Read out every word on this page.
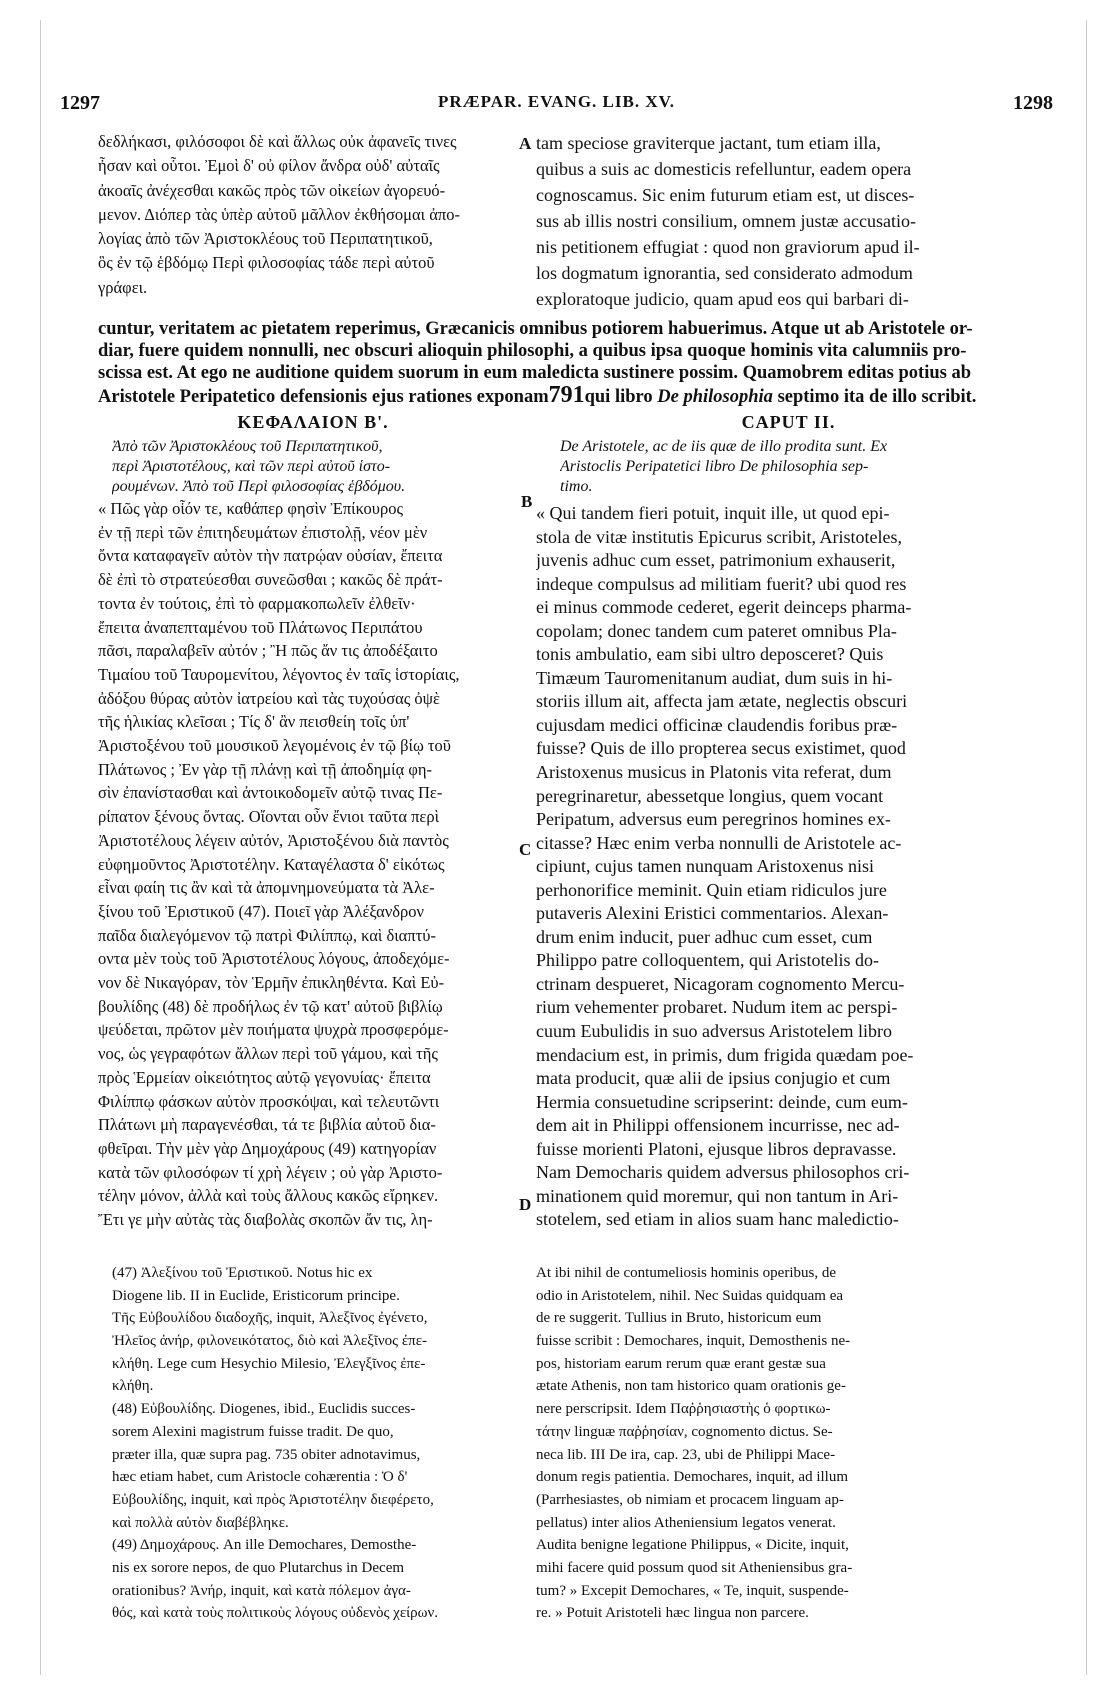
1297	PRÆPAR. EVANG. LIB. XV.	1298
δεδλήκασι, φιλόσοφοι δὲ καὶ ἄλλως οὐκ ἀφανεῖς τινες
ἦσαν καὶ οὗτοι. Ἐμοὶ δ' οὐ φίλον ἄνδρα οὐδ' αὐταῖς
ἀκοαῖς ἀνέχεσθαι κακῶς πρὸς τῶν οἰκείων ἀγορευό-
μενον. Διόπερ τὰς ὑπὲρ αὐτοῦ μᾶλλον ἐκθήσομαι ἀπο-
λογίας ἀπὸ τῶν Ἀριστοκλέους τοῦ Περιπατητικοῦ,
ὃς ἐν τῷ ἑβδόμῳ Περὶ φιλοσοφίας τάδε περὶ αὐτοῦ
γράφει.
tam speciose graviterque jactant, tum etiam illa,
quibus a suis ac domesticis refelluntur, eadem opera
cognoscamus. Sic enim futurum etiam est, ut disces-
sus ab illis nostri consilium, omnem justæ accusatio-
nis petitionem effugiat : quod non graviorum apud il-
los dogmatum ignorantia, sed considerato admodum
exploratoque judicio, quam apud eos qui barbari di-
A
cuntur, veritatem ac pietatem reperimus, Græcanicis omnibus potiorem habuerimus. Atque ut ab Aristotele or-
diar, fuere quidem nonnulli, nec obscuri alioquin philosophi, a quibus ipsa quoque hominis vita calumniis pro-
scissa est. At ego ne auditione quidem suorum in eum maledicta sustinere possim. Quamobrem editas potius ab
Aristotele Peripatetico defensionis ejus rationes exponam791qui libro De philosophia septimo ita de illo scribit.
ΚΕΦΑΛΑΙΟΝ Β'.	CAPUT II.
Ἀπὸ τῶν Ἀριστοκλέους τοῦ Περιπατητικοῦ,
περὶ Ἀριστοτέλους, καὶ τῶν περὶ αὐτοῦ ἱστο-
ρουμένων. Ἀπὸ τοῦ Περὶ φιλοσοφίας ἑβδόμου.
De Aristotele, ac de iis quæ de illo prodita sunt. Ex
Aristoclis Peripatetici libro De philosophia sep-
timo.
B
« Πῶς γὰρ οἷόν τε, καθάπερ φησὶν Ἐπίκουρος
ἐν τῇ περὶ τῶν ἐπιτηδευμάτων ἐπιστολῇ, νέον μὲν
ὄντα καταφαγεῖν αὐτὸν τὴν πατρῴαν οὐσίαν, ἔπειτα
δὲ ἐπὶ τὸ στρατεύεσθαι συνεῶσθαι ; κακῶς δὲ πράτ-
τοντα ἐν τούτοις, ἐπὶ τὸ φαρμακοπωλεῖν ἐλθεῖν·
ἔπειτα ἀναπεπταμένου τοῦ Πλάτωνος Περιπάτου
πᾶσι, παραλαβεῖν αὐτόν ; Ἢ πῶς ἄν τις ἀποδέξαιτο
Τιμαίου τοῦ Ταυρομενίτου, λέγοντος ἐν ταῖς ἱστορίαις,
ἀδόξου θύρας αὐτὸν ἰατρείου καὶ τὰς τυχούσας ὀψὲ
τῆς ἡλικίας κλεῖσαι ; Τίς δ' ἂν πεισθείη τοῖς ὑπ'
Ἀριστοξένου τοῦ μουσικοῦ λεγομένοις ἐν τῷ βίῳ τοῦ
Πλάτωνος ; Ἐν γὰρ τῇ πλάνῃ καὶ τῇ ἀποδημίᾳ φη-
σὶν ἐπανίστασθαι καὶ ἀντοικοδομεῖν αὐτῷ τινας Πε-
ρίπατον ξένους ὄντας. Οἴονται οὖν ἔνιοι ταῦτα περὶ
Ἀριστοτέλους λέγειν αὐτόν, Ἀριστοξένου διὰ παντὸς
εὐφημοῦντος Ἀριστοτέλην. Καταγέλαστα δ' εἰκότως
εἶναι φαίη τις ἂν καὶ τὰ ἀπομνημονεύματα τὰ Ἀλε-
ξίνου τοῦ Ἐριστικοῦ (47). Ποιεῖ γὰρ Ἀλέξανδρον
παῖδα διαλεγόμενον τῷ πατρὶ Φιλίππῳ, καὶ διαπτύ-
οντα μὲν τοὺς τοῦ Ἀριστοτέλους λόγους, ἀποδεχόμε-
νον δὲ Νικαγόραν, τὸν Ἑρμῆν ἐπικληθέντα. Καὶ Εὐ-
βουλίδης (48) δὲ προδήλως ἐν τῷ κατ' αὐτοῦ βιβλίῳ
ψεύδεται, πρῶτον μὲν ποιήματα ψυχρὰ προσφερόμε-
νος, ὡς γεγραφότων ἄλλων περὶ τοῦ γάμου, καὶ τῆς
πρὸς Ἑρμείαν οἰκειότητος αὐτῷ γεγονυίας· ἔπειτα
Φιλίππῳ φάσκων αὐτὸν προσκόψαι, καὶ τελευτῶντι
Πλάτωνι μὴ παραγενέσθαι, τά τε βιβλία αὐτοῦ δια-
φθεῖραι. Τὴν μὲν γὰρ Δημοχάρους (49) κατηγορίαν
κατὰ τῶν φιλοσόφων τί χρὴ λέγειν ; οὐ γὰρ Ἀριστο-
τέλην μόνον, ἀλλὰ καὶ τοὺς ἄλλους κακῶς εἴρηκεν.
Ἔτι γε μὴν αὐτὰς τὰς διαβολὰς σκοπῶν ἄν τις, λη-
« Qui tandem fieri potuit, inquit ille, ut quod epi-
stola de vitæ institutis Epicurus scribit, Aristoteles,
juvenis adhuc cum esset, patrimonium exhauserit,
indeque compulsus ad militiam fuerit? ubi quod res
ei minus commode cederet, egerit deinceps pharma-
copolam; donec tandem cum pateret omnibus Pla-
tonis ambulatio, eam sibi ultro deposceret? Quis
Timæum Tauromenitanum audiat, dum suis in hi-
storiis illum ait, affecta jam ætate, neglectis obscuri
cujusdam medici officinæ claudendis foribus præ-
fuisse? Quis de illo propterea secus existimet, quod
Aristoxenus musicus in Platonis vita referat, dum
peregrinaretur, abessetque longius, quem vocant
Peripatum, adversus eum peregrinos homines ex-
citasse? Hæc enim verba nonnulli de Aristotele ac-
cipiunt, cujus tamen nunquam Aristoxenus nisi
perhonorifice meminit. Quin etiam ridiculos jure
putaveris Alexini Eristici commentarios. Alexan-
drum enim inducit, puer adhuc cum esset, cum
Philippo patre colloquentem, qui Aristotelis do-
ctrinam despueret, Nicagoram cognomento Mercu-
rium vehementer probaret. Nudum item ac perspi-
cuum Eubulidis in suo adversus Aristotelem libro
mendacium est, in primis, dum frigida quædam poe-
mata producit, quæ alii de ipsius conjugio et cum
Hermia consuetudine scripserint: deinde, cum eum-
dem ait in Philippi offensionem incurrisse, nec ad-
fuisse morienti Platoni, ejusque libros depravasse.
Nam Democharis quidem adversus philosophos cri-
minationem quid moremur, qui non tantum in Ari-
stotelem, sed etiam in alios suam hanc maledictio-
C
D
(47) Ἀλεξίνου τοῦ Ἐριστικοῦ. Notus hic ex
Diogene lib. II in Euclide, Eristicorum principe.
Τῆς Εὐβουλίδου διαδοχῆς, inquit, Ἀλεξῖνος ἐγένετο,
Ἠλεῖος ἀνήρ, φιλονεικότατος, διὸ καὶ Ἀλεξῖνος ἐπε-
κλήθη. Lege cum Hesychio Milesio, Ἐλεγξῖνος ἐπε-
κλήθη.
(48) Εὐβουλίδης. Diogenes, ibid., Euclidis succes-
sorem Alexini magistrum fuisse tradit. De quo,
præter illa, quæ supra pag. 735 obiter adnotavimus,
hæc etiam habet, cum Aristocle cohærentia : Ὁ δ'
Εὐβουλίδης, inquit, καὶ πρὸς Ἀριστοτέλην διεφέρετο,
καὶ πολλὰ αὐτὸν διαβέβληκε.
(49) Δημοχάρους. An ille Demochares, Demosthe-
nis ex sorore nepos, de quo Plutarchus in Decem
orationibus? Ἀνήρ, inquit, καὶ κατὰ πόλεμον ἀγα-
θός, καὶ κατὰ τοὺς πολιτικοὺς λόγους οὐδενὸς χείρων.
At ibi nihil de contumeliosis hominis operibus, de
odio in Aristotelem, nihil. Nec Suidas quidquam ea
de re suggerit. Tullius in Bruto, historicum eum
fuisse scribit : Demochares, inquit, Demosthenis ne-
pos, historiam earum rerum quæ erant gestæ sua
ætate Athenis, non tam historico quam orationis ge-
nere perscripsit. Idem Παῤῥησιαστὴς ὁ φορτικω-
τάτην linguæ παῤῥησίαν, cognomento dictus. Se-
neca lib. III De ira, cap. 23, ubi de Philippi Mace-
donum regis patientia. Demochares, inquit, ad illum
(Parrhesiastes, ob nimiam et procacem linguam ap-
pellatus) inter alios Atheniensium legatos venerat.
Audita benigne legatione Philippus, « Dicite, inquit,
mihi facere quid possum quod sit Atheniensibus gra-
tum? » Excepit Demochares, « Te, inquit, suspende-
re. » Potuit Aristoteli hæc lingua non parcere.
